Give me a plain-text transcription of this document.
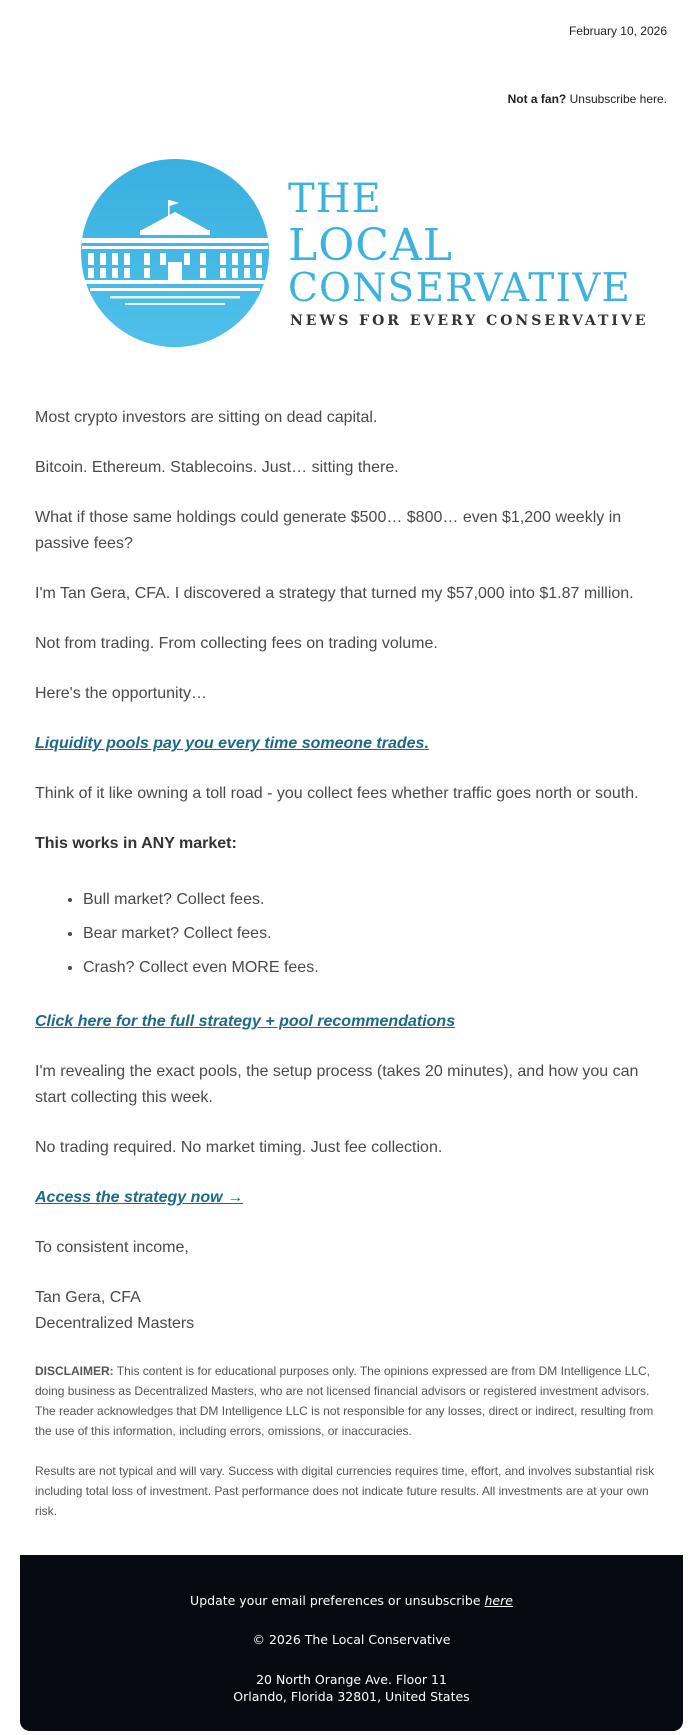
February 10, 2026
Not a fan? Unsubscribe here.
THE
LOCAL
CONSERVATIVE
NEWS FOR EVERY CONSERVATIVE

Most crypto investors are sitting on dead capital.

Bitcoin. Ethereum. Stablecoins. Just… sitting there.

What if those same holdings could generate $500… $800… even $1,200 weekly in passive fees?

I'm Tan Gera, CFA. I discovered a strategy that turned my $57,000 into $1.87 million.

Not from trading. From collecting fees on trading volume.

Here's the opportunity…

Liquidity pools pay you every time someone trades.

Think of it like owning a toll road - you collect fees whether traffic goes north or south.

This works in ANY market:

• Bull market? Collect fees.
• Bear market? Collect fees.
• Crash? Collect even MORE fees.

Click here for the full strategy + pool recommendations

I'm revealing the exact pools, the setup process (takes 20 minutes), and how you can start collecting this week.

No trading required. No market timing. Just fee collection.

Access the strategy now →

To consistent income,

Tan Gera, CFA

Decentralized Masters

DISCLAIMER: This content is for educational purposes only. The opinions expressed are from DM Intelligence LLC, doing business as Decentralized Masters, who are not licensed financial advisors or registered investment advisors. The reader acknowledges that DM Intelligence LLC is not responsible for any losses, direct or indirect, resulting from the use of this information, including errors, omissions, or inaccuracies.

Results are not typical and will vary. Success with digital currencies requires time, effort, and involves substantial risk including total loss of investment. Past performance does not indicate future results. All investments are at your own risk.

Update your email preferences or unsubscribe here
© 2026 The Local Conservative
20 North Orange Ave. Floor 11
Orlando, Florida 32801, United States
